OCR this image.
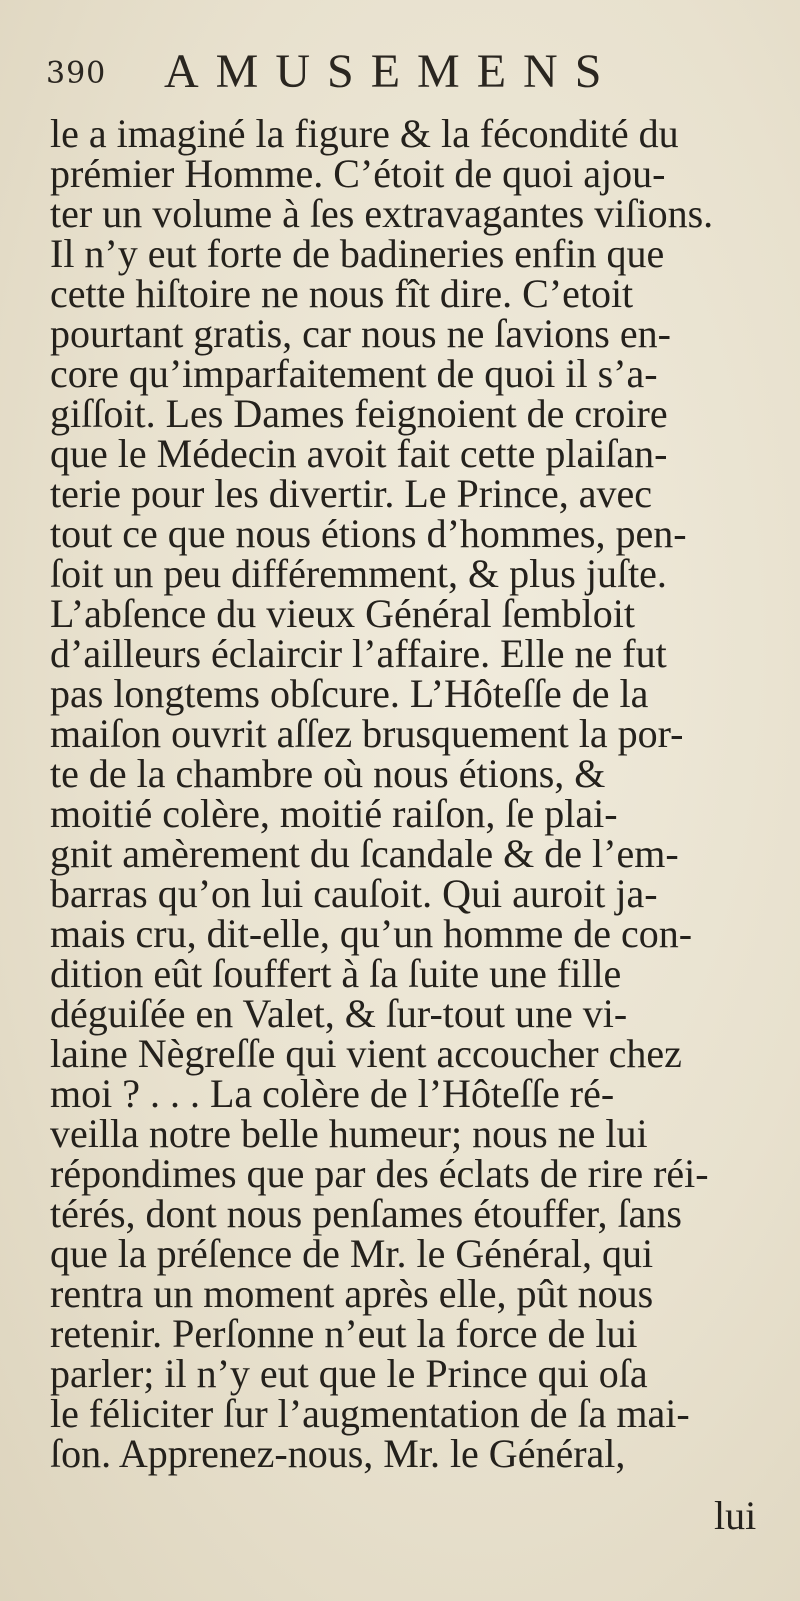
390 AMUSEMENS
le a imaginé la figure & la fécondité du
prémier Homme. C’étoit de quoi ajou-
ter un volume à ſes extravagantes viſions.
Il n’y eut forte de badineries enfin que
cette hiſtoire ne nous fît dire. C’etoit
pourtant gratis, car nous ne ſavions en-
core qu’imparfaitement de quoi il s’a-
giſſoit. Les Dames feignoient de croire
que le Médecin avoit fait cette plaiſan-
terie pour les divertir. Le Prince, avec
tout ce que nous étions d’hommes, pen-
ſoit un peu différemment, & plus juſte.
L’abſence du vieux Général ſembloit
d’ailleurs éclaircir l’affaire. Elle ne fut
pas longtems obſcure. L’Hôteſſe de la
maiſon ouvrit aſſez brusquement la por-
te de la chambre où nous étions, &
moitié colère, moitié raiſon, ſe plai-
gnit amèrement du ſcandale & de l’em-
barras qu’on lui cauſoit. Qui auroit ja-
mais cru, dit-elle, qu’un homme de con-
dition eût ſouffert à ſa ſuite une fille
déguiſée en Valet, & ſur-tout une vi-
laine Nègreſſe qui vient accoucher chez
moi ? . . . La colère de l’Hôteſſe ré-
veilla notre belle humeur; nous ne lui
répondimes que par des éclats de rire réi-
térés, dont nous penſames étouffer, ſans
que la préſence de Mr. le Général, qui
rentra un moment après elle, pût nous
retenir. Perſonne n’eut la force de lui
parler; il n’y eut que le Prince qui oſa
le féliciter ſur l’augmentation de ſa mai-
ſon. Apprenez-nous, Mr. le Général,
lui
